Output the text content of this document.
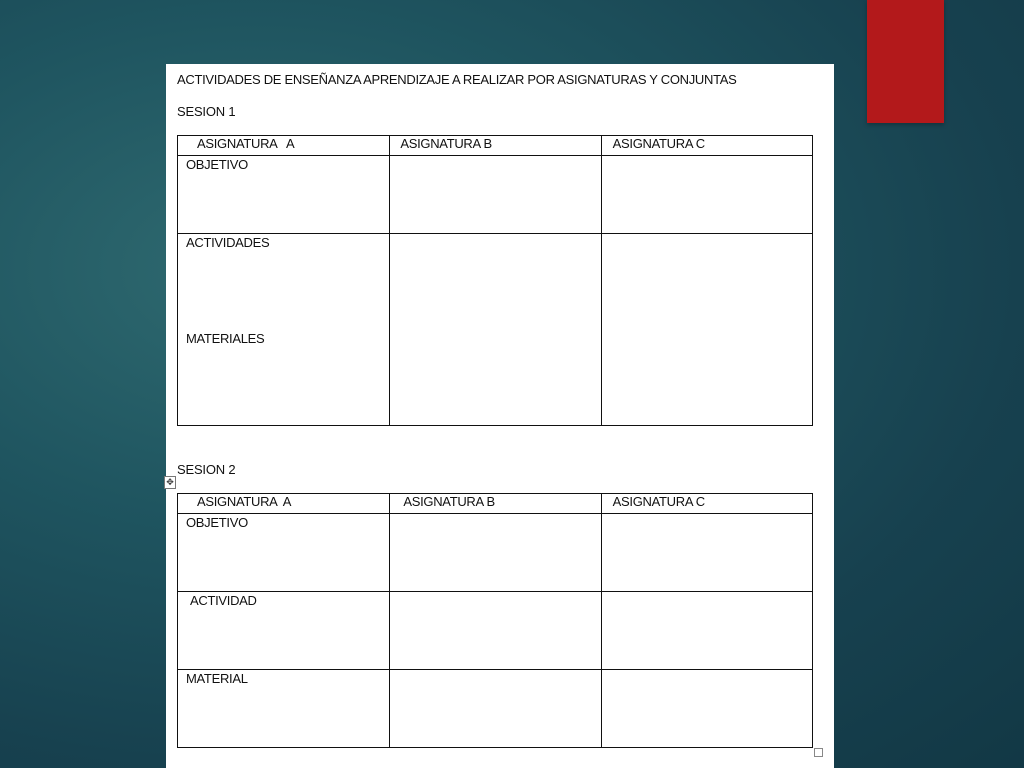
ACTIVIDADES DE ENSEÑANZA APRENDIZAJE A REALIZAR POR ASIGNATURAS Y CONJUNTAS
SESION 1
ASIGNATURA   A	ASIGNATURA B	ASIGNATURA C
OBJETIVO		
ACTIVIDADES
MATERIALES		

SESION 2
✥
ASIGNATURA  A	ASIGNATURA B	ASIGNATURA C
OBJETIVO		
ACTIVIDAD		
MATERIAL		
